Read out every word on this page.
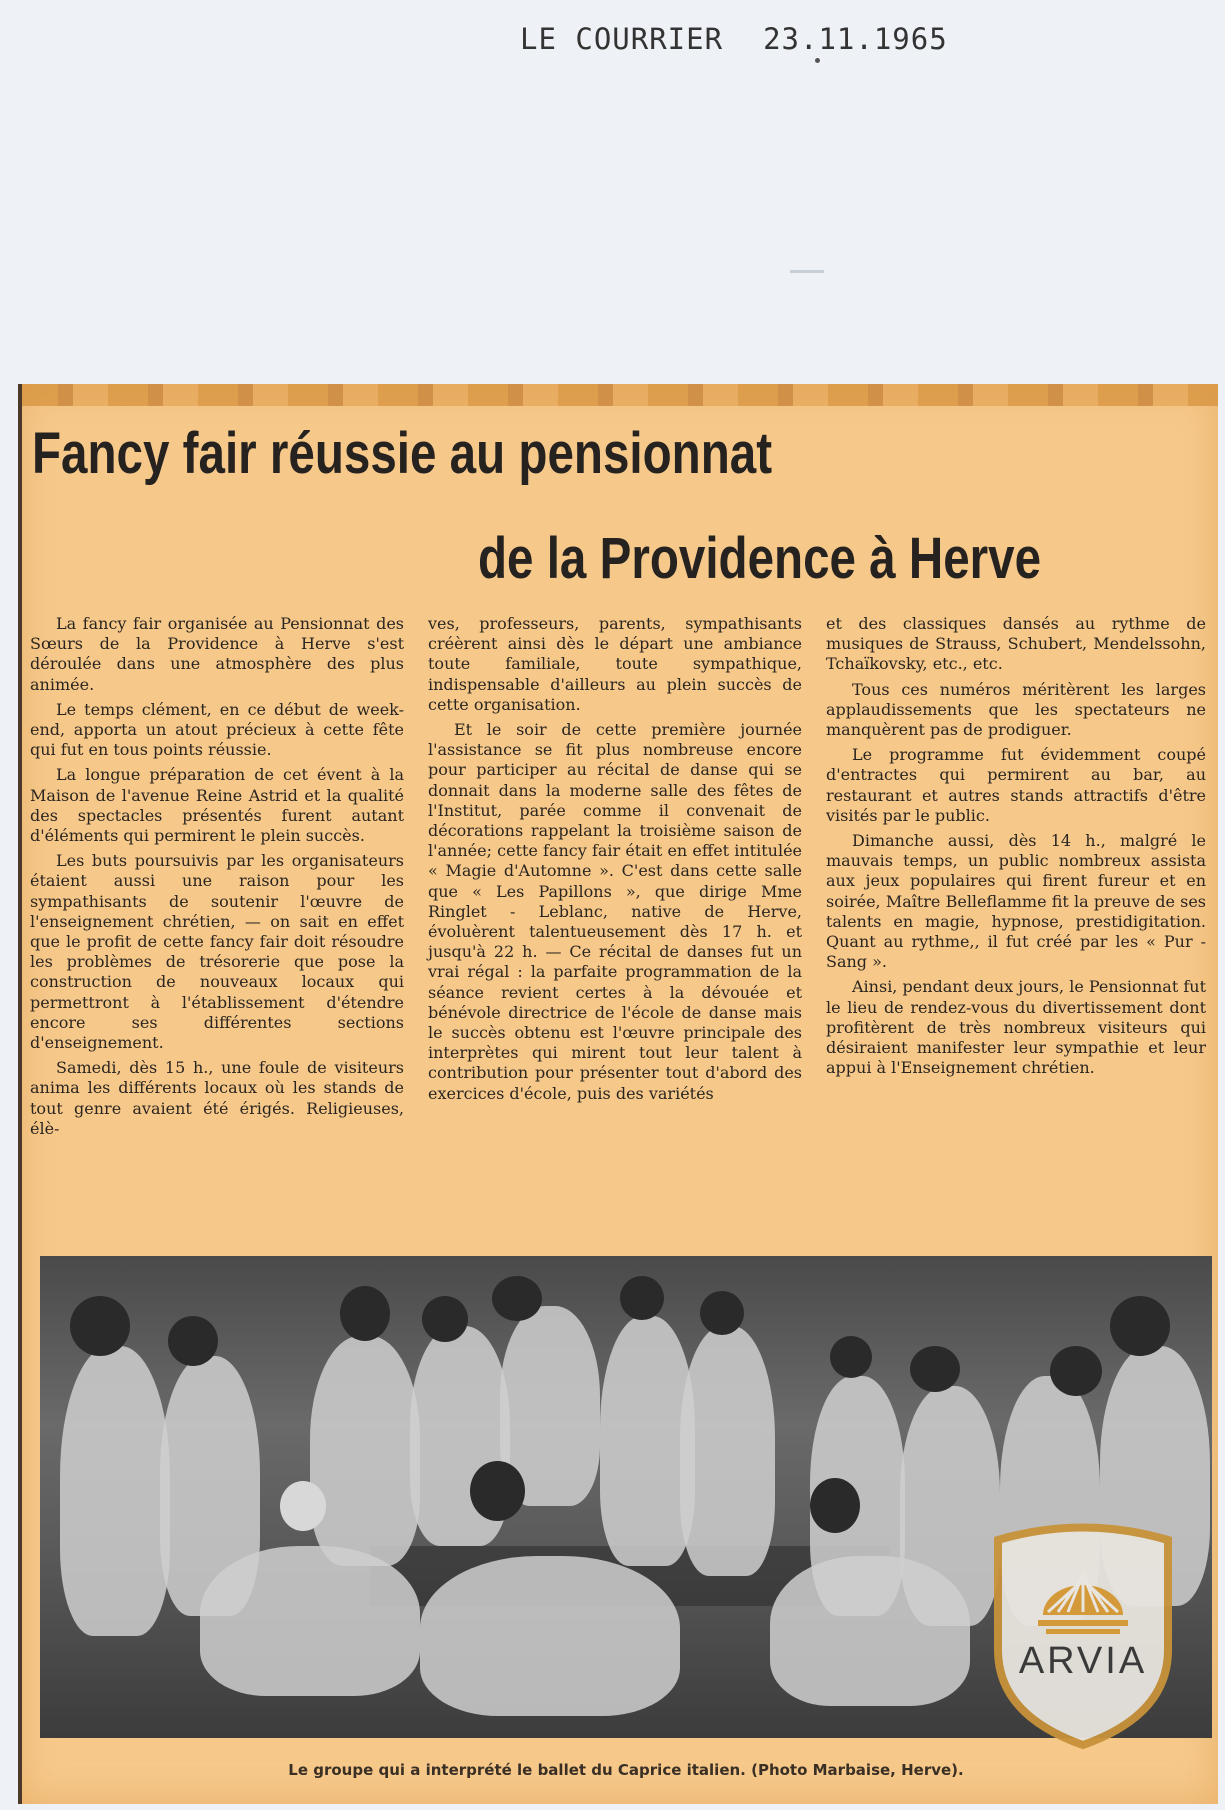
LE COURRIER 23.11.1965
Fancy fair réussie au pensionnat
de la Providence à Herve

La fancy fair organisée au Pensionnat des Sœurs de la Providence à Herve s'est déroulée dans une atmosphère des plus animée.

Le temps clément, en ce début de week-end, apporta un atout précieux à cette fête qui fut en tous points réussie.

La longue préparation de cet évent à la Maison de l'avenue Reine Astrid et la qualité des spectacles présentés furent autant d'éléments qui permirent le plein succès.

Les buts poursuivis par les organisateurs étaient aussi une raison pour les sympathisants de soutenir l'œuvre de l'enseignement chrétien, — on sait en effet que le profit de cette fancy fair doit résoudre les problèmes de trésorerie que pose la construction de nouveaux locaux qui permettront à l'établissement d'étendre encore ses différentes sections d'enseignement.

Samedi, dès 15 h., une foule de visiteurs anima les différents locaux où les stands de tout genre avaient été érigés. Religieuses, élè-

ves, professeurs, parents, sympathisants créèrent ainsi dès le départ une ambiance toute familiale, toute sympathique, indispensable d'ailleurs au plein succès de cette organisation.

Et le soir de cette première journée l'assistance se fit plus nombreuse encore pour participer au récital de danse qui se donnait dans la moderne salle des fêtes de l'Institut, parée comme il convenait de décorations rappelant la troisième saison de l'année; cette fancy fair était en effet intitulée « Magie d'Automne ». C'est dans cette salle que « Les Papillons », que dirige Mme Ringlet - Leblanc, native de Herve, évoluèrent talentueusement dès 17 h. et jusqu'à 22 h. — Ce récital de danses fut un vrai régal : la parfaite programmation de la séance revient certes à la dévouée et bénévole directrice de l'école de danse mais le succès obtenu est l'œuvre principale des interprètes qui mirent tout leur talent à contribution pour présenter tout d'abord des exercices d'école, puis des variétés

et des classiques dansés au rythme de musiques de Strauss, Schubert, Mendelssohn, Tchaïkovsky, etc., etc.

Tous ces numéros méritèrent les larges applaudissements que les spectateurs ne manquèrent pas de prodiguer.

Le programme fut évidemment coupé d'entractes qui permirent au bar, au restaurant et autres stands attractifs d'être visités par le public.

Dimanche aussi, dès 14 h., malgré le mauvais temps, un public nombreux assista aux jeux populaires qui firent fureur et en soirée, Maître Belleflamme fit la preuve de ses talents en magie, hypnose, prestidigitation. Quant au rythme,, il fut créé par les « Pur - Sang ».

Ainsi, pendant deux jours, le Pensionnat fut le lieu de rendez-vous du divertissement dont profitèrent de très nombreux visiteurs qui désiraient manifester leur sympathie et leur appui à l'Enseignement chrétien.

Le groupe qui a interprété le ballet du Caprice italien. (Photo Marbaise, Herve).
ARVIA
